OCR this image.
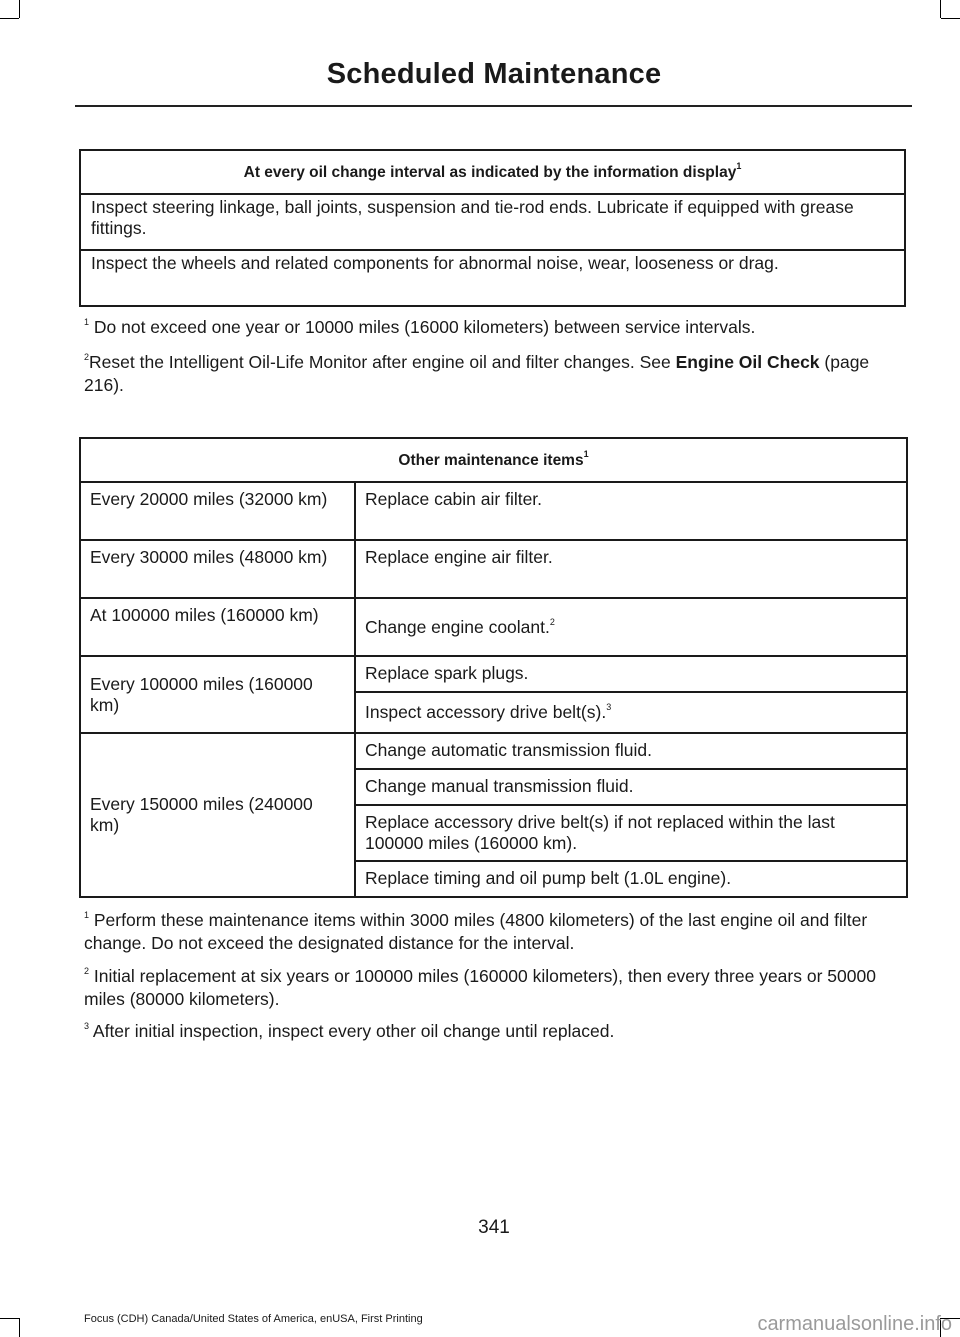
Scheduled Maintenance
At every oil change interval as indicated by the information display$^1$
Inspect steering linkage, ball joints, suspension and tie-rod ends. Lubricate if equipped with grease fittings.
Inspect the wheels and related components for abnormal noise, wear, looseness or drag.

$^1$ Do not exceed one year or 10000 miles (16000 kilometers) between service intervals.

$^2$Reset the Intelligent Oil-Life Monitor after engine oil and filter changes. See Engine Oil Check (page 216).

Other maintenance items$^1$
Every 20000 miles (32000 km)	Replace cabin air filter.
Every 30000 miles (48000 km)	Replace engine air filter.
At 100000 miles (160000 km)	Change engine coolant.$^2$
Every 100000 miles (160000 km)	Replace spark plugs.
	Inspect accessory drive belt(s).$^3$
Every 150000 miles (240000 km)	Change automatic transmission fluid.
	Change manual transmission fluid.
	Replace accessory drive belt(s) if not replaced within the last 100000 miles (160000 km).
	Replace timing and oil pump belt (1.0L engine).

$^1$ Perform these maintenance items within 3000 miles (4800 kilometers) of the last engine oil and filter change. Do not exceed the designated distance for the interval.

$^2$ Initial replacement at six years or 100000 miles (160000 kilometers), then every three years or 50000 miles (80000 kilometers).

$^3$ After initial inspection, inspect every other oil change until replaced.

341

Focus (CDH) Canada/United States of America, enUSA, First Printing	carmanualsonline.info
